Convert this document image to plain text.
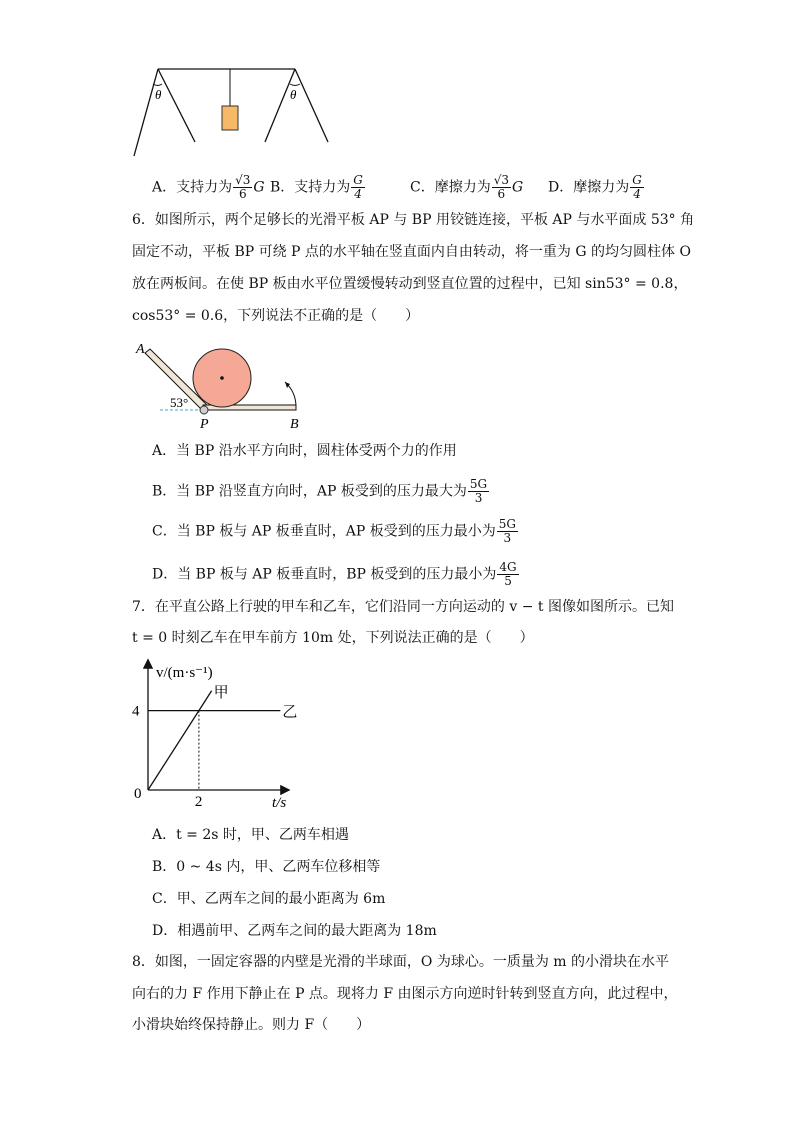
θ	θ
A．支持力为 $\frac{√3}{6}$ G B．支持力为 $\frac{G}{4}$	C．摩擦力为 $\frac{√3}{6}$ G D．摩擦力为 $\frac{G}{4}$
6．如图所示，两个足够长的光滑平板 AP 与 BP 用铰链连接，平板 AP 与水平面成 53° 角
固定不动，平板 BP 可绕 P 点的水平轴在竖直面内自由转动，将一重为 G 的均匀圆柱体 O
放在两板间。在使 BP 板由水平位置缓慢转动到竖直位置的过程中，已知 sin53° = 0.8，
cos53° = 0.6，下列说法不正确的是（　　）
A
P	B
53°
A．当 BP 沿水平方向时，圆柱体受两个力的作用
B．当 BP 沿竖直方向时，AP 板受到的压力最大为 $\frac{5G}{3}$
C．当 BP 板与 AP 板垂直时，AP 板受到的压力最小为 $\frac{5G}{3}$
D．当 BP 板与 AP 板垂直时，BP 板受到的压力最小为 $\frac{4G}{5}$
7．在平直公路上行驶的甲车和乙车，它们沿同一方向运动的 v − t 图像如图所示。已知
t = 0 时刻乙车在甲车前方 10m 处，下列说法正确的是（　　）
v/(m·s⁻¹)
t/s
0
4
2
甲
乙
A．t = 2s 时，甲、乙两车相遇
B．0 ~ 4s 内，甲、乙两车位移相等
C．甲、乙两车之间的最小距离为 6m
D．相遇前甲、乙两车之间的最大距离为 18m
8．如图，一固定容器的内壁是光滑的半球面，O 为球心。一质量为 m 的小滑块在水平
向右的力 F 作用下静止在 P 点。现将力 F 由图示方向逆时针转到竖直方向，此过程中，
小滑块始终保持静止。则力 F（　　）
